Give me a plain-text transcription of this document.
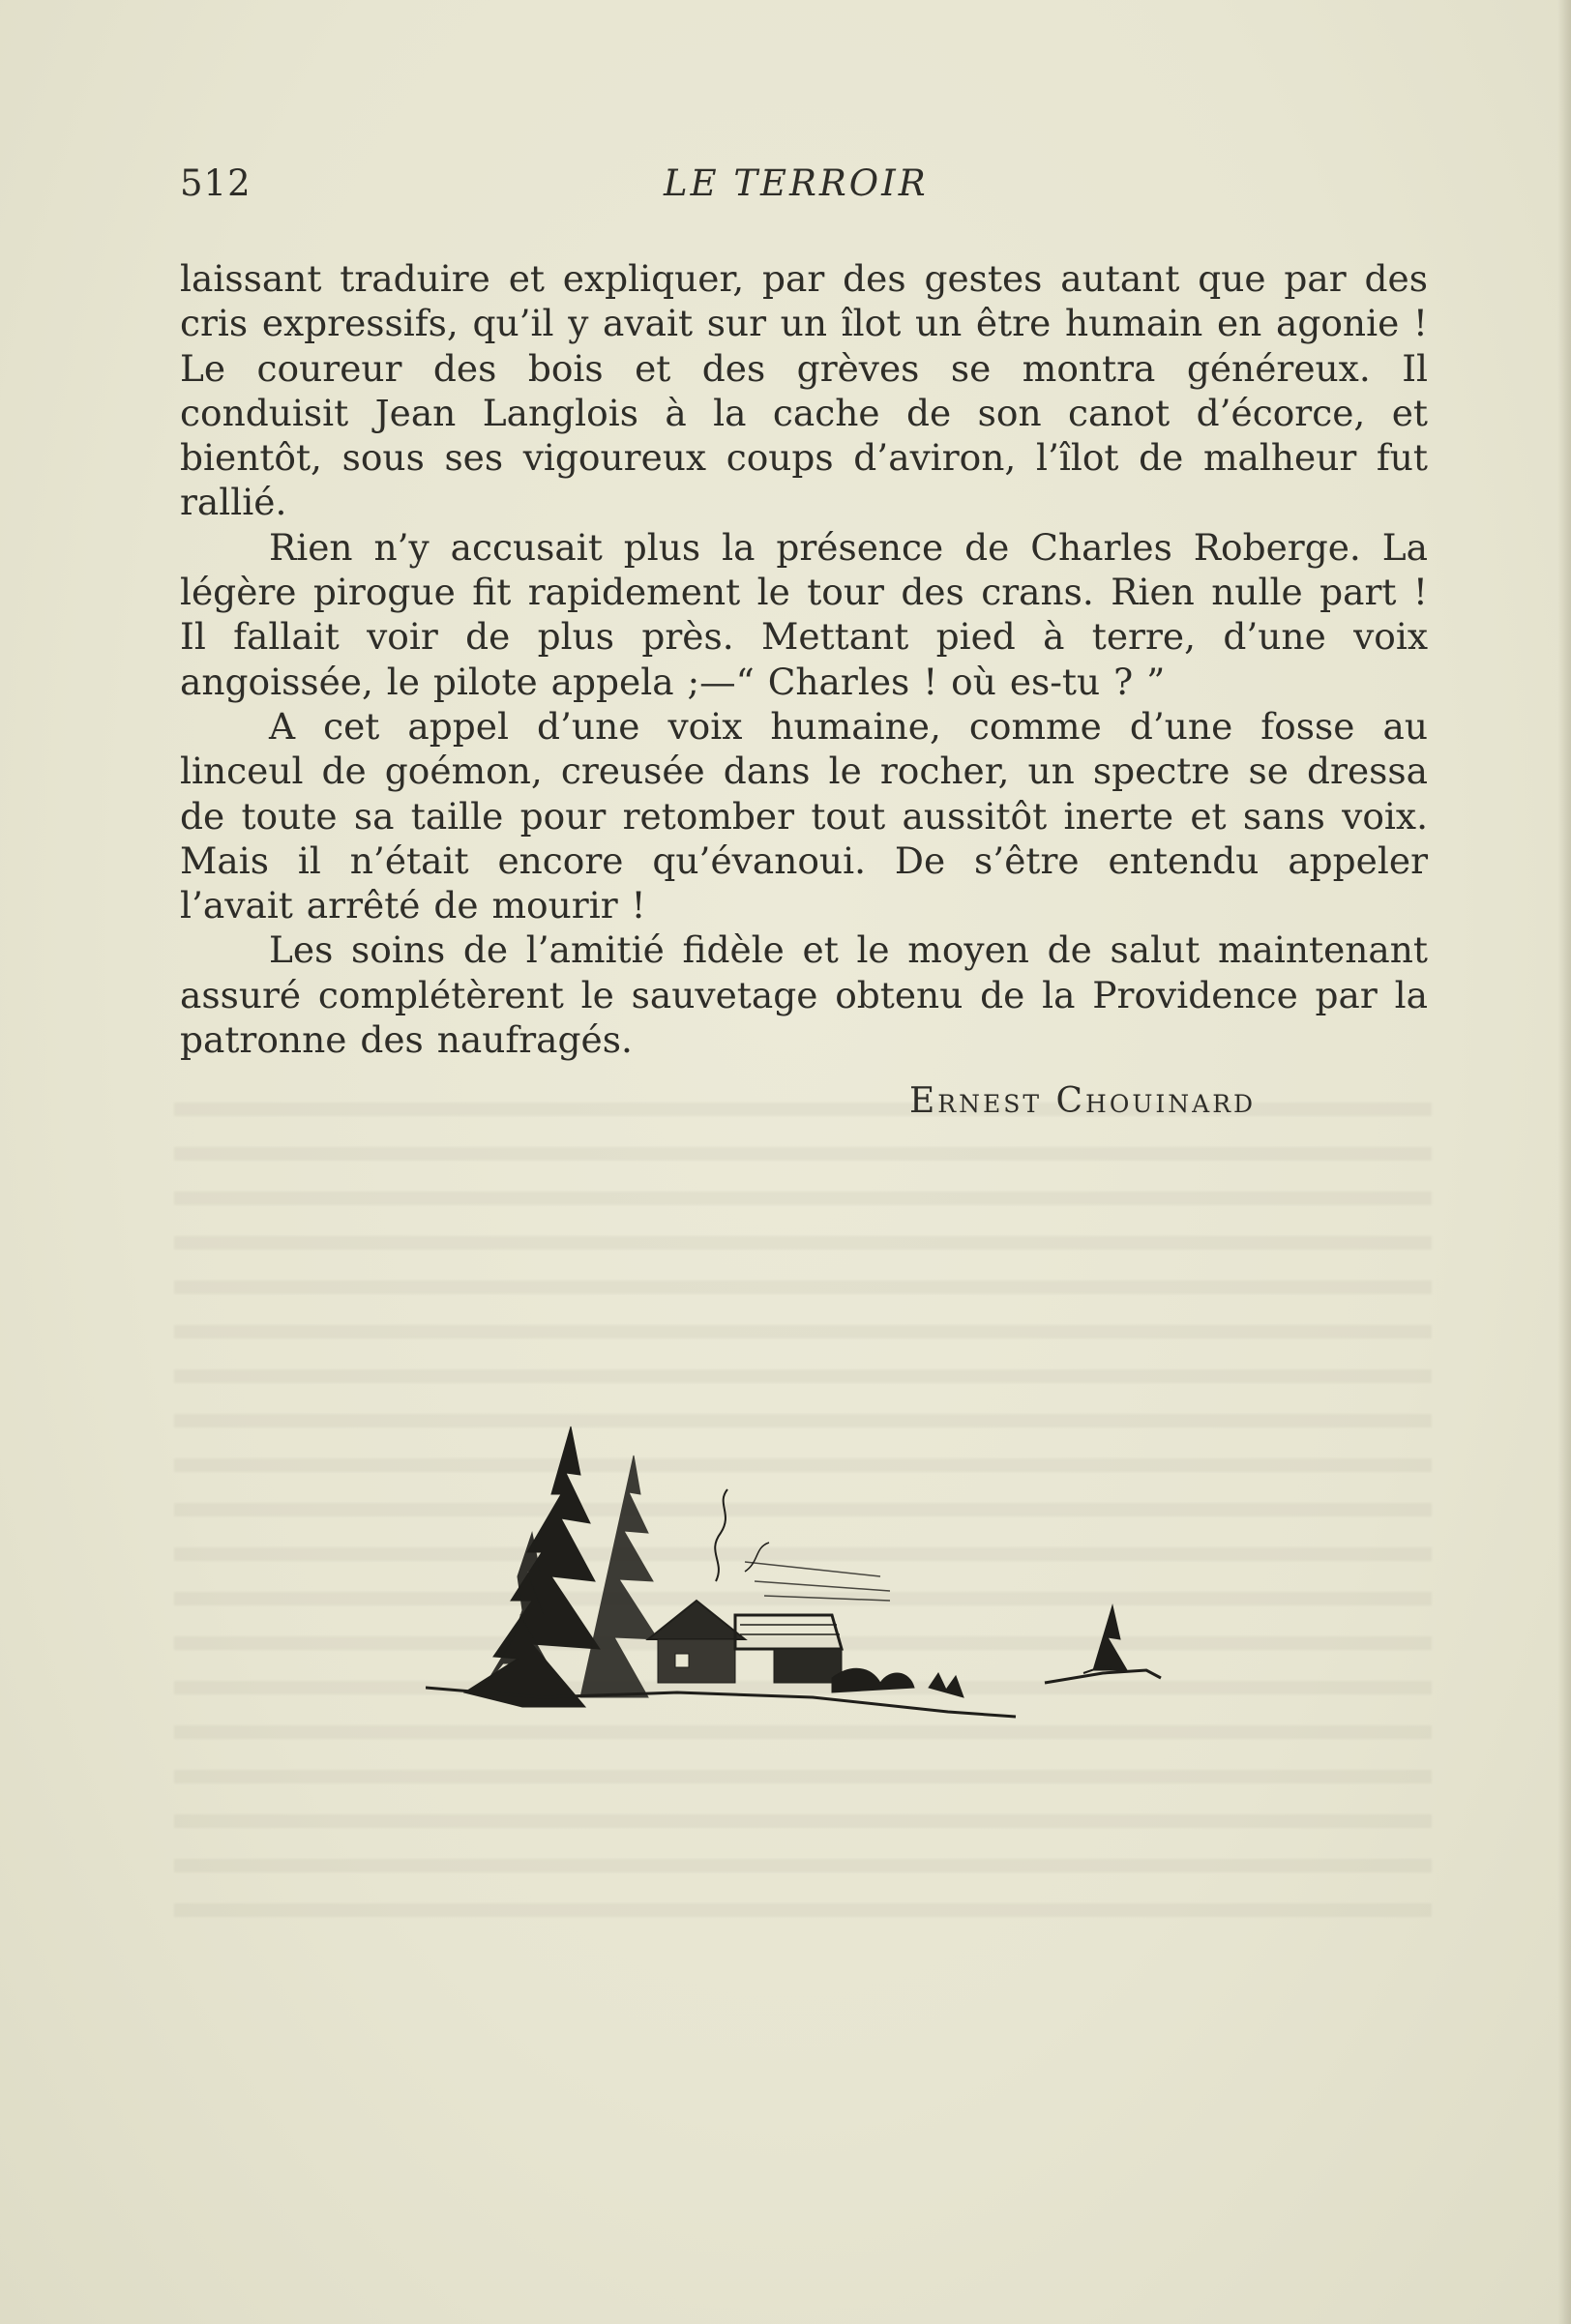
512	LE TERROIR

laissant traduire et expliquer, par des gestes autant que par des cris expressifs, qu’il y avait sur un îlot un être humain en agonie ! Le coureur des bois et des grèves se montra généreux. Il conduisit Jean Langlois à la cache de son canot d’écorce, et bientôt, sous ses vigoureux coups d’aviron, l’îlot de malheur fut rallié.

Rien n’y accusait plus la présence de Charles Roberge. La légère pirogue fit rapidement le tour des crans. Rien nulle part ! Il fallait voir de plus près. Mettant pied à terre, d’une voix angoissée, le pilote appela ;—“ Charles ! où es-tu ? ”

A cet appel d’une voix humaine, comme d’une fosse au linceul de goémon, creusée dans le rocher, un spectre se dressa de toute sa taille pour retomber tout aussitôt inerte et sans voix. Mais il n’était encore qu’évanoui. De s’être entendu appeler l’avait arrêté de mourir !

Les soins de l’amitié fidèle et le moyen de salut maintenant assuré complétèrent le sauvetage obtenu de la Providence par la patronne des naufragés.

Ernest Chouinard
